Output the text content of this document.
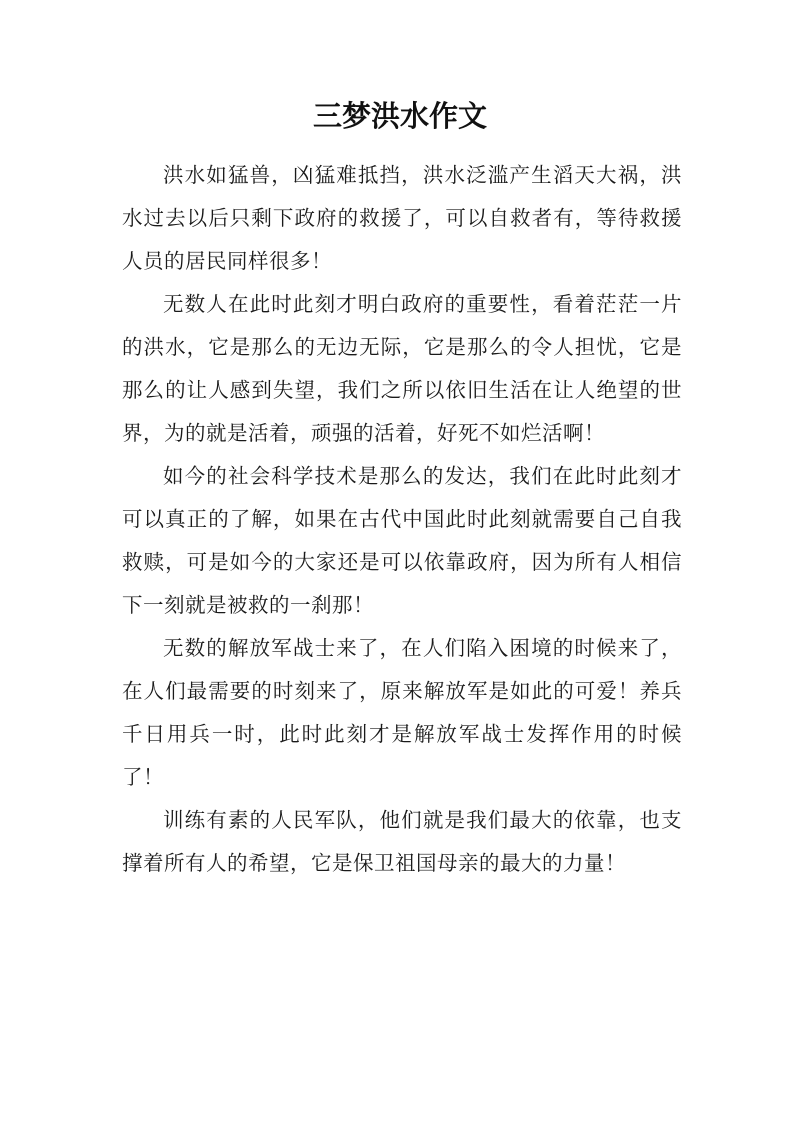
三梦洪水作文

洪水如猛兽，凶猛难抵挡，洪水泛滥产生滔天大祸，洪水过去以后只剩下政府的救援了，可以自救者有，等待救援人员的居民同样很多！

无数人在此时此刻才明白政府的重要性，看着茫茫一片的洪水，它是那么的无边无际，它是那么的令人担忧，它是那么的让人感到失望，我们之所以依旧生活在让人绝望的世界，为的就是活着，顽强的活着，好死不如烂活啊！

如今的社会科学技术是那么的发达，我们在此时此刻才可以真正的了解，如果在古代中国此时此刻就需要自己自我救赎，可是如今的大家还是可以依靠政府，因为所有人相信下一刻就是被救的一刹那！

无数的解放军战士来了，在人们陷入困境的时候来了，在人们最需要的时刻来了，原来解放军是如此的可爱！养兵千日用兵一时，此时此刻才是解放军战士发挥作用的时候了！

训练有素的人民军队，他们就是我们最大的依靠，也支撑着所有人的希望，它是保卫祖国母亲的最大的力量！
